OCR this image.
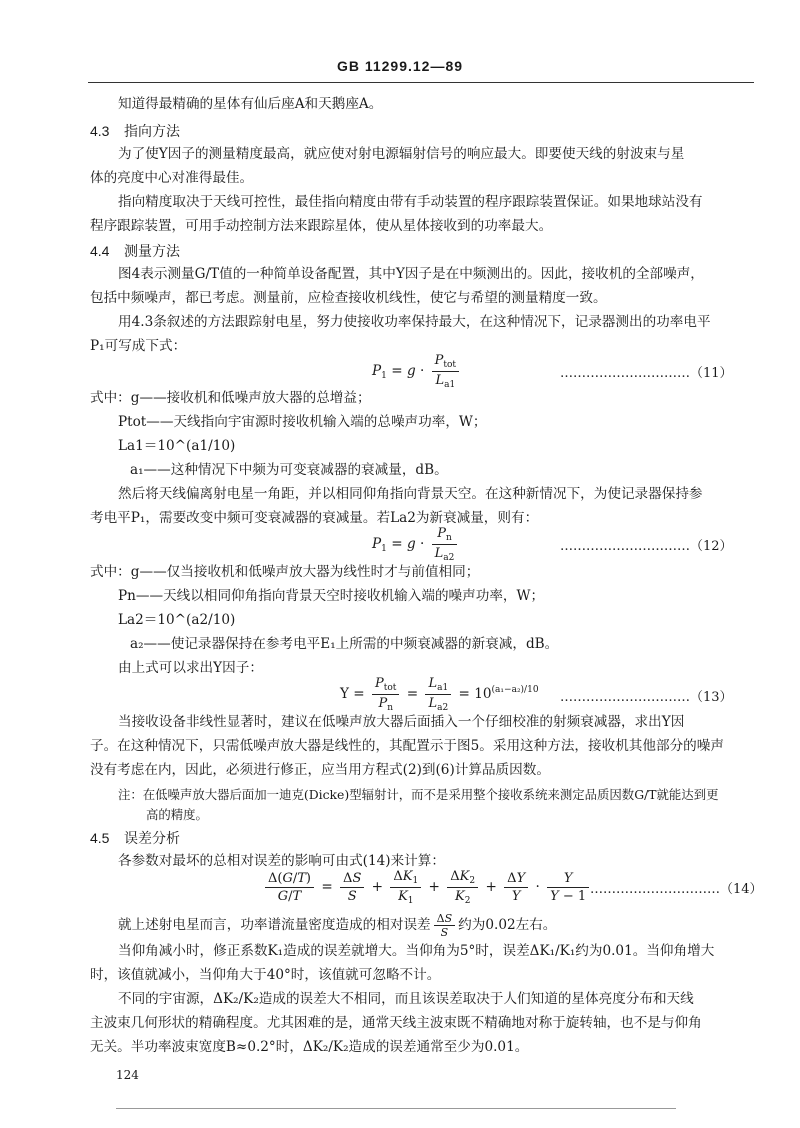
GB 11299.12—89
知道得最精确的星体有仙后座A和天鹅座A。
4.3 指向方法
为了使Y因子的测量精度最高，就应使对射电源辐射信号的响应最大。即要使天线的射波束与星
体的亮度中心对准得最佳。
指向精度取决于天线可控性，最佳指向精度由带有手动装置的程序跟踪装置保证。如果地球站没有
程序跟踪装置，可用手动控制方法来跟踪星体，使从星体接收到的功率最大。
4.4 测量方法
图4表示测量G/T值的一种简单设备配置，其中Y因子是在中频测出的。因此，接收机的全部噪声，
包括中频噪声，都已考虑。测量前，应检查接收机线性，使它与希望的测量精度一致。
用4.3条叙述的方法跟踪射电星，努力使接收功率保持最大，在这种情况下，记录器测出的功率电平
P₁可写成下式：
$P_1 = g \cdot \frac{P_{tot}}{L_{a1}}$	…………………………（11）
式中：g——接收机和低噪声放大器的总增益；
Ptot——天线指向宇宙源时接收机输入端的总噪声功率，W；
La1＝10^(a1/10)
a₁——这种情况下中频为可变衰减器的衰减量，dB。
然后将天线偏离射电星一角距，并以相同仰角指向背景天空。在这种新情况下，为使记录器保持参
考电平P₁，需要改变中频可变衰减器的衰减量。若La2为新衰减量，则有：
$P_1 = g \cdot \frac{P_n}{L_{a2}}$	…………………………（12）
式中：g——仅当接收机和低噪声放大器为线性时才与前值相同；
Pn——天线以相同仰角指向背景天空时接收机输入端的噪声功率，W；
La2＝10^(a2/10)
a₂——使记录器保持在参考电平E₁上所需的中频衰减器的新衰减，dB。
由上式可以求出Y因子：
$Y = \frac{P_{tot}}{P_n} = \frac{L_{a1}}{L_{a2}} = 10^{(a_1-a_2)/10}$ …………………………（13）
当接收设备非线性显著时，建议在低噪声放大器后面插入一个仔细校准的射频衰减器，求出Y因
子。在这种情况下，只需低噪声放大器是线性的，其配置示于图5。采用这种方法，接收机其他部分的噪声
没有考虑在内，因此，必须进行修正，应当用方程式(2)到(6)计算品质因数。
注：在低噪声放大器后面加一迪克(Dicke)型辐射计，而不是采用整个接收系统来测定品质因数G/T就能达到更
高的精度。
4.5 误差分析
各参数对最坏的总相对误差的影响可由式(14)来计算：
$\frac{\Delta(G/T)}{G/T} = \frac{\Delta S}{S} + \frac{\Delta K_1}{K_1} + \frac{\Delta K_2}{K_2} + \frac{\Delta Y}{Y} \cdot \frac{Y}{Y - 1}$ …………………………（14）
就上述射电星而言，功率谱流量密度造成的相对误差 $\frac{\Delta S}{S}$ 约为0.02左右。
当仰角减小时，修正系数K₁造成的误差就增大。当仰角为5°时，误差ΔK₁/K₁约为0.01。当仰角增大
时，该值就减小，当仰角大于40°时，该值就可忽略不计。
不同的宇宙源，ΔK₂/K₂造成的误差大不相同，而且该误差取决于人们知道的星体亮度分布和天线
主波束几何形状的精确程度。尤其困难的是，通常天线主波束既不精确地对称于旋转轴，也不是与仰角
无关。半功率波束宽度B≈0.2°时，ΔK₂/K₂造成的误差通常至少为0.01。
124
